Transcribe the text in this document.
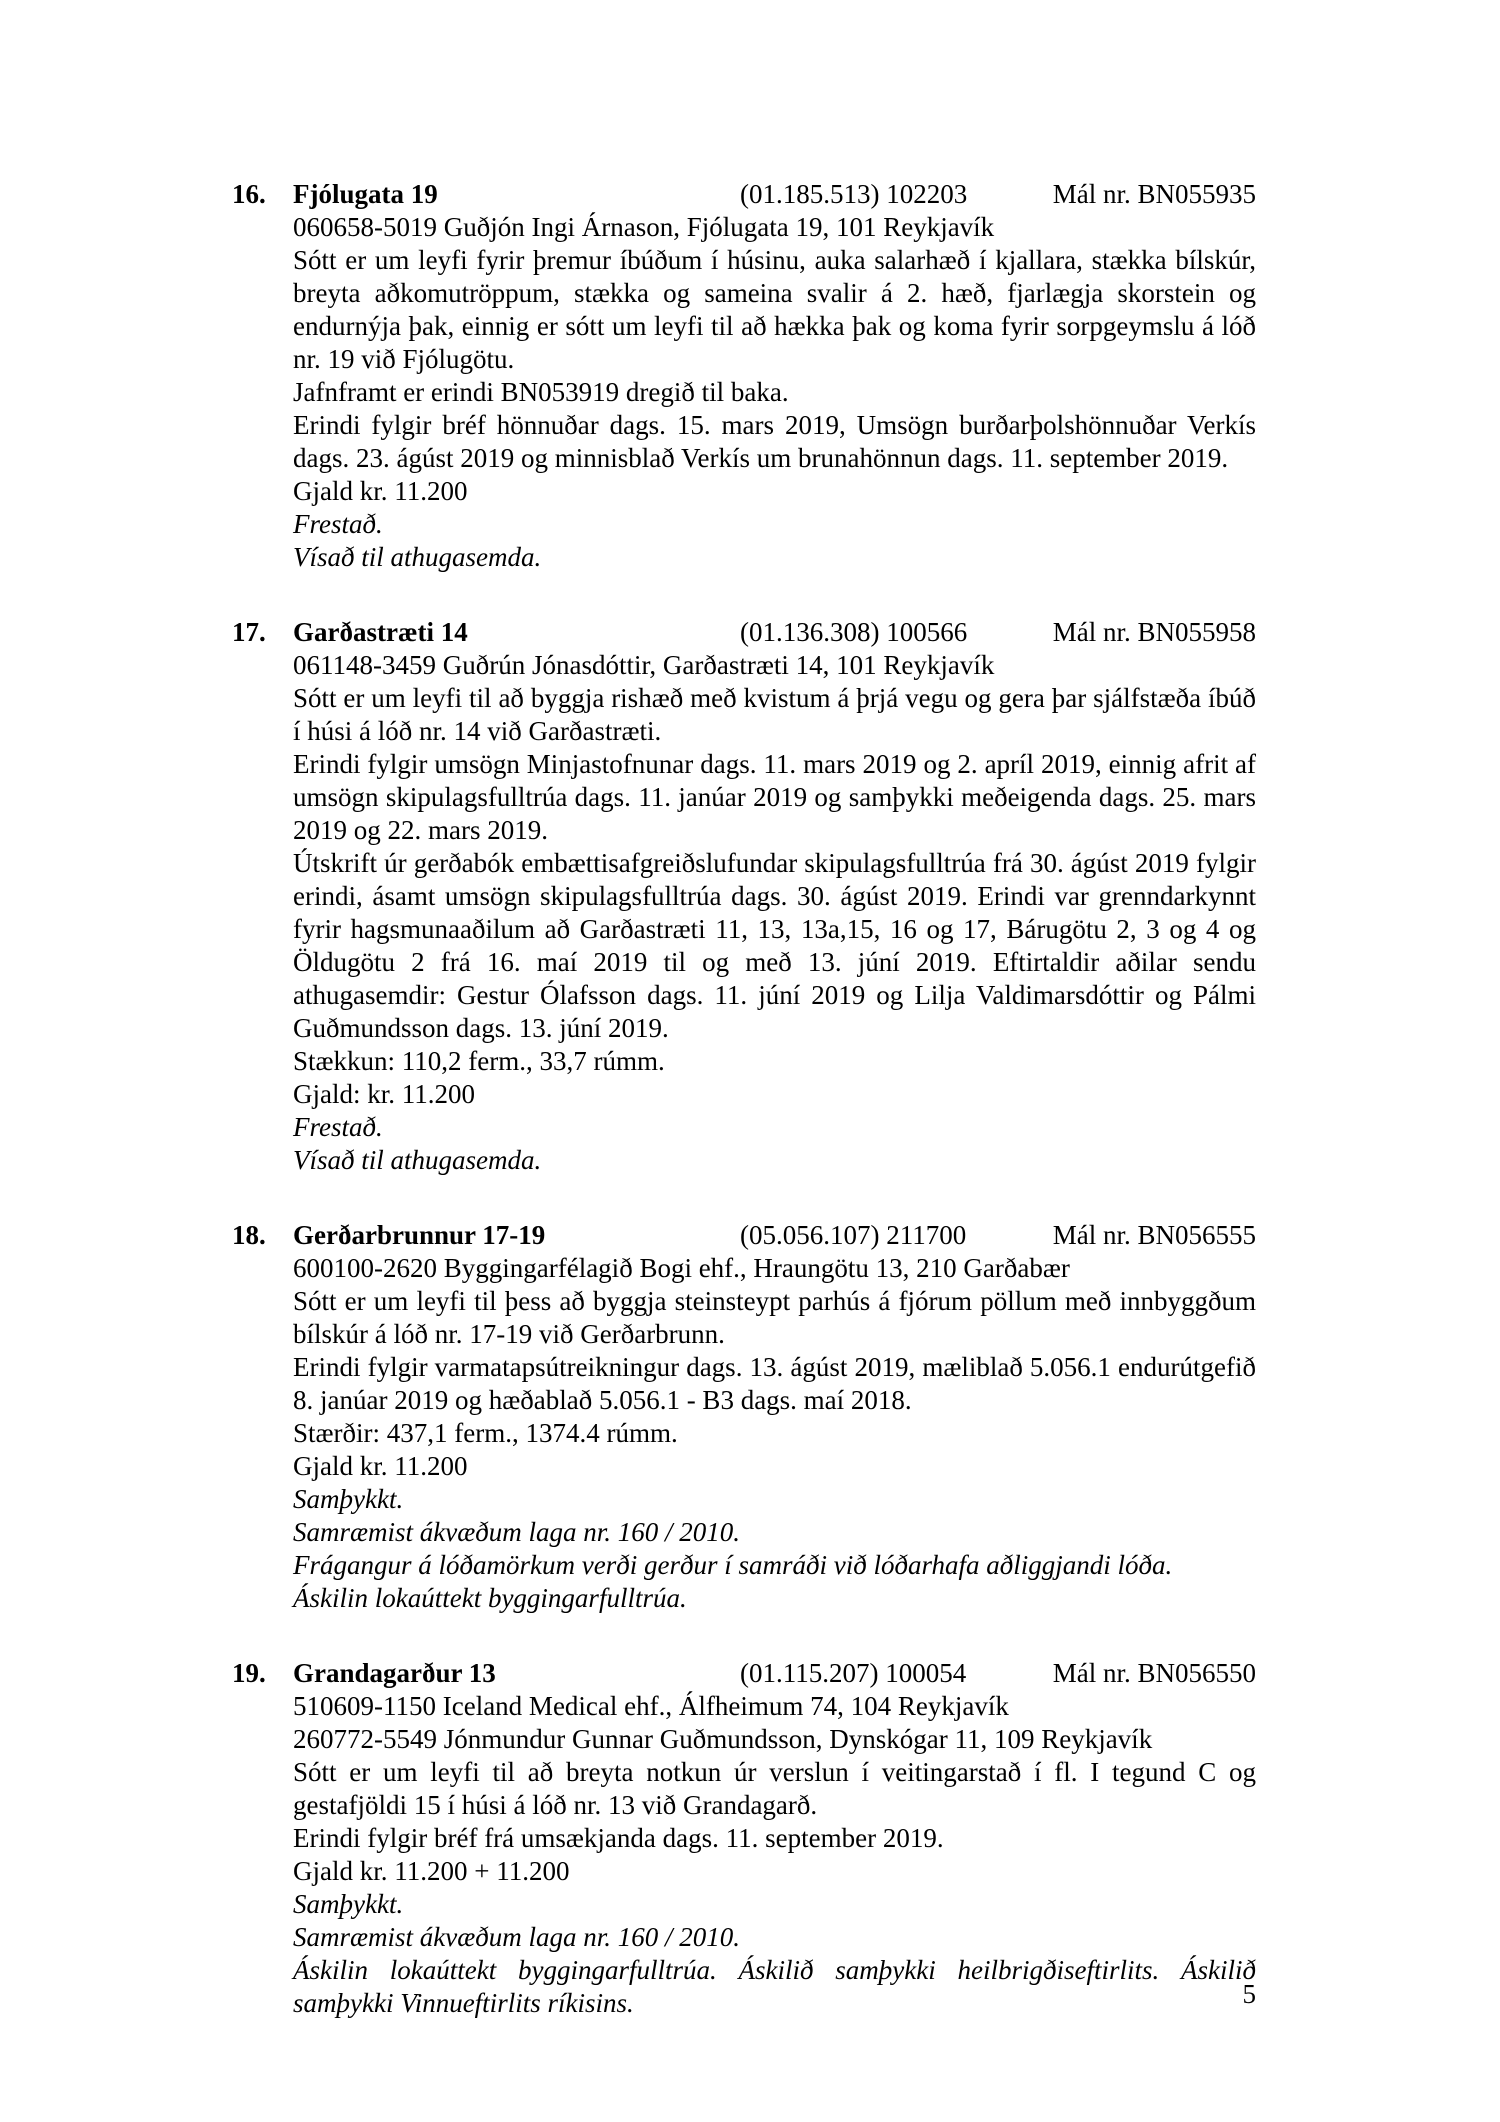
16.	Fjólugata 19	(01.185.513) 102203	Mál nr. BN055935

060658-5019 Guðjón Ingi Árnason, Fjólugata 19, 101 Reykjavík

Sótt er um leyfi fyrir þremur íbúðum í húsinu, auka salarhæð í kjallara, stækka bílskúr, breyta aðkomutröppum, stækka og sameina svalir á 2. hæð, fjarlægja skorstein og endurnýja þak, einnig er sótt um leyfi til að hækka þak og koma fyrir sorpgeymslu á lóð nr. 19 við Fjólugötu.

Jafnframt er erindi BN053919 dregið til baka.

Erindi fylgir bréf hönnuðar dags. 15. mars 2019, Umsögn burðarþolshönnuðar Verkís dags. 23. ágúst 2019 og minnisblað Verkís um brunahönnun dags. 11. september 2019.

Gjald kr. 11.200

Frestað.

Vísað til athugasemda.

17.	Garðastræti 14	(01.136.308) 100566	Mál nr. BN055958

061148-3459 Guðrún Jónasdóttir, Garðastræti 14, 101 Reykjavík

Sótt er um leyfi til að byggja rishæð með kvistum á þrjá vegu og gera þar sjálfstæða íbúð í húsi á lóð nr. 14 við Garðastræti.

Erindi fylgir umsögn Minjastofnunar dags. 11. mars 2019 og 2. apríl 2019, einnig afrit af umsögn skipulagsfulltrúa dags. 11. janúar 2019 og samþykki meðeigenda dags. 25. mars 2019 og 22. mars 2019.

Útskrift úr gerðabók embættisafgreiðslufundar skipulagsfulltrúa frá 30. ágúst 2019 fylgir erindi, ásamt umsögn skipulagsfulltrúa dags. 30. ágúst 2019. Erindi var grenndarkynnt fyrir hagsmunaaðilum að Garðastræti 11, 13, 13a,15, 16 og 17, Bárugötu 2, 3 og 4 og Öldugötu 2 frá 16. maí 2019 til og með 13. júní 2019. Eftirtaldir aðilar sendu athugasemdir: Gestur Ólafsson dags. 11. júní 2019 og Lilja Valdimarsdóttir og Pálmi Guðmundsson dags. 13. júní 2019.

Stækkun: 110,2 ferm., 33,7 rúmm.

Gjald: kr. 11.200

Frestað.

Vísað til athugasemda.

18.	Gerðarbrunnur 17-19	(05.056.107) 211700	Mál nr. BN056555

600100-2620 Byggingarfélagið Bogi ehf., Hraungötu 13, 210 Garðabær

Sótt er um leyfi til þess að byggja steinsteypt parhús á fjórum pöllum með innbyggðum bílskúr á lóð nr. 17-19 við Gerðarbrunn.

Erindi fylgir varmatapsútreikningur dags. 13. ágúst 2019, mæliblað 5.056.1 endurútgefið 8. janúar 2019 og hæðablað 5.056.1 - B3 dags. maí 2018.

Stærðir: 437,1 ferm., 1374.4 rúmm.

Gjald kr. 11.200

Samþykkt.

Samræmist ákvæðum laga nr. 160 / 2010.

Frágangur á lóðamörkum verði gerður í samráði við lóðarhafa aðliggjandi lóða.

Áskilin lokaúttekt byggingarfulltrúa.

19.	Grandagarður 13	(01.115.207) 100054	Mál nr. BN056550

510609-1150 Iceland Medical ehf., Álfheimum 74, 104 Reykjavík

260772-5549 Jónmundur Gunnar Guðmundsson, Dynskógar 11, 109 Reykjavík

Sótt er um leyfi til að breyta notkun úr verslun í veitingarstað í fl. I tegund C og gestafjöldi 15 í húsi á lóð nr. 13 við Grandagarð.

Erindi fylgir bréf frá umsækjanda dags. 11. september 2019.

Gjald kr. 11.200 + 11.200

Samþykkt.

Samræmist ákvæðum laga nr. 160 / 2010.

Áskilin lokaúttekt byggingarfulltrúa. Áskilið samþykki heilbrigðiseftirlits. Áskilið samþykki Vinnueftirlits ríkisins.	5
